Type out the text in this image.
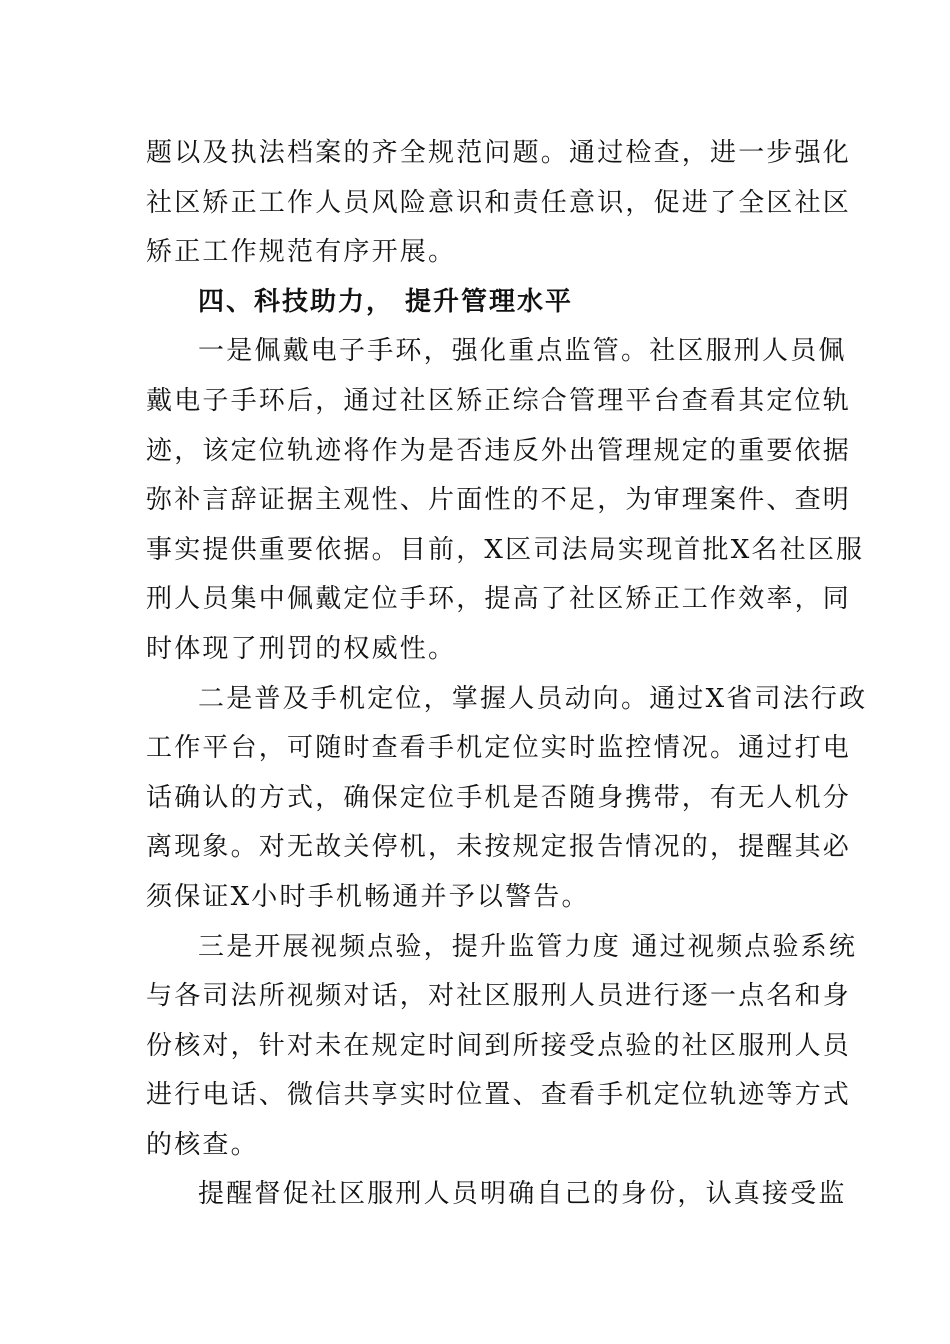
题以及执法档案的齐全规范问题。通过检查，进一步强化
社区矫正工作人员风险意识和责任意识，促进了全区社区
矫正工作规范有序开展。
四、科技助力， 提升管理水平
一是佩戴电子手环，强化重点监管。社区服刑人员佩
戴电子手环后，通过社区矫正综合管理平台查看其定位轨
迹，该定位轨迹将作为是否违反外出管理规定的重要依据
弥补言辞证据主观性、片面性的不足，为审理案件、查明
事实提供重要依据。目前，X区司法局实现首批X名社区服
刑人员集中佩戴定位手环，提高了社区矫正工作效率，同
时体现了刑罚的权威性。
二是普及手机定位，掌握人员动向。通过X省司法行政
工作平台，可随时查看手机定位实时监控情况。通过打电
话确认的方式，确保定位手机是否随身携带，有无人机分
离现象。对无故关停机，未按规定报告情况的，提醒其必
须保证X小时手机畅通并予以警告。
三是开展视频点验，提升监管力度 通过视频点验系统
与各司法所视频对话，对社区服刑人员进行逐一点名和身
份核对，针对未在规定时间到所接受点验的社区服刑人员
进行电话、微信共享实时位置、查看手机定位轨迹等方式
的核查。
提醒督促社区服刑人员明确自己的身份，认真接受监
